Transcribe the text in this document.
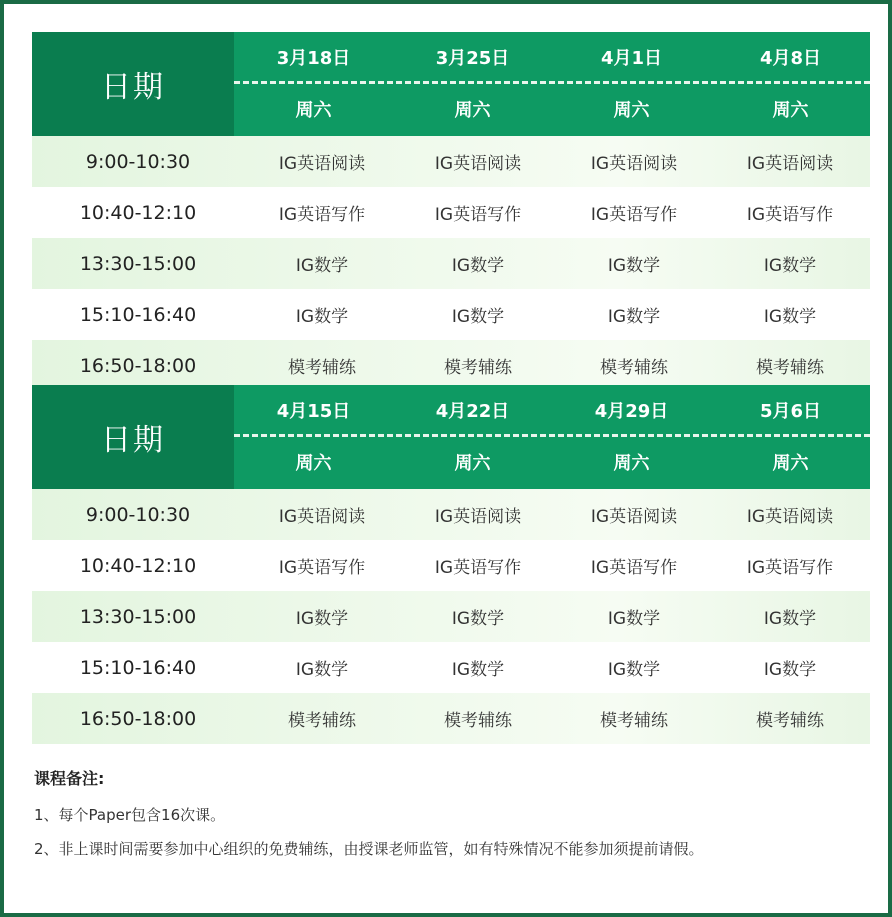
日期
3月18日	3月25日	4月1日	4月8日
周六	周六	周六	周六
9:00-10:30	IG英语阅读	IG英语阅读	IG英语阅读	IG英语阅读
10:40-12:10	IG英语写作	IG英语写作	IG英语写作	IG英语写作
13:30-15:00	IG数学	IG数学	IG数学	IG数学
15:10-16:40	IG数学	IG数学	IG数学	IG数学
16:50-18:00	模考辅练	模考辅练	模考辅练	模考辅练
日期
4月15日	4月22日	4月29日	5月6日
周六	周六	周六	周六
9:00-10:30	IG英语阅读	IG英语阅读	IG英语阅读	IG英语阅读
10:40-12:10	IG英语写作	IG英语写作	IG英语写作	IG英语写作
13:30-15:00	IG数学	IG数学	IG数学	IG数学
15:10-16:40	IG数学	IG数学	IG数学	IG数学
16:50-18:00	模考辅练	模考辅练	模考辅练	模考辅练
课程备注:
1、每个Paper包含16次课。
2、非上课时间需要参加中心组织的免费辅练，由授课老师监管，如有特殊情况不能参加须提前请假。
